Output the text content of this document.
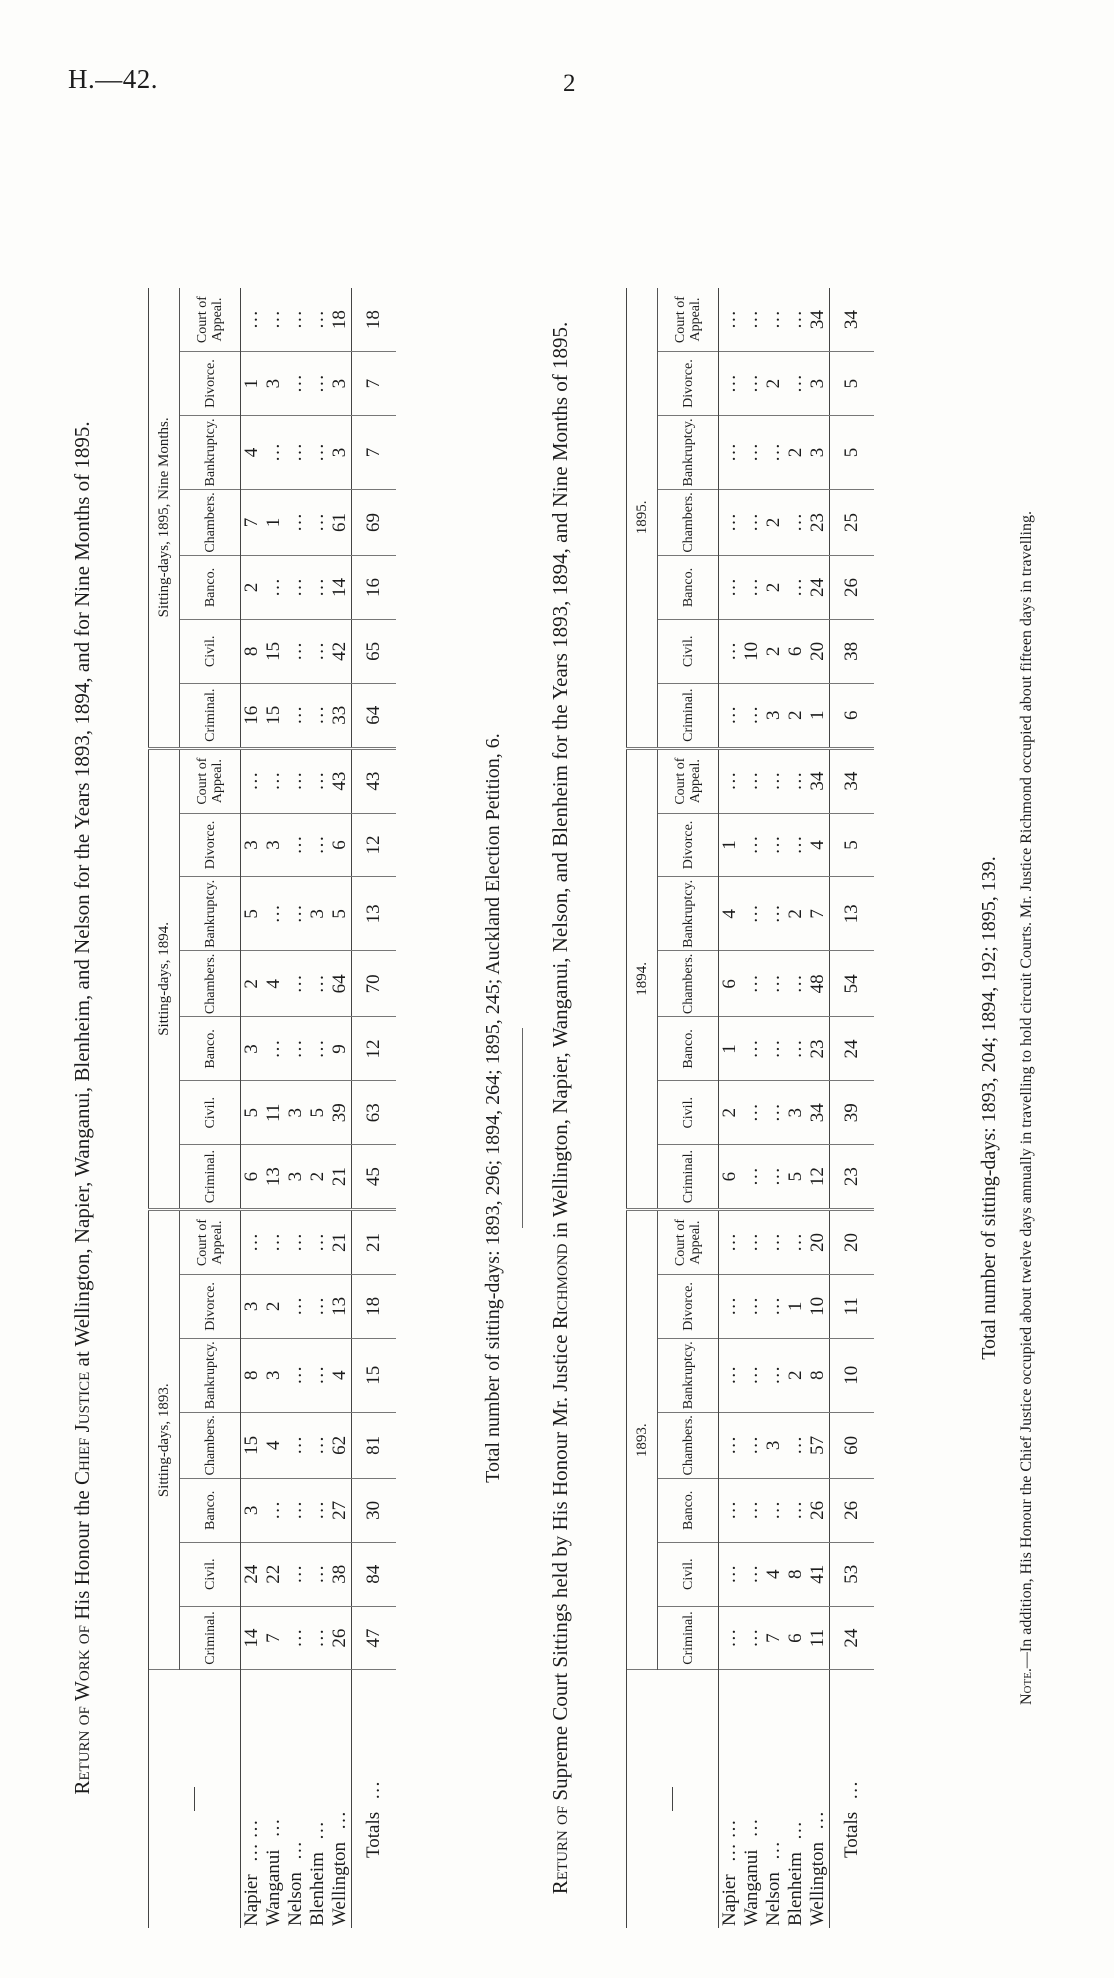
H.—42.	2
Return of Work of His Honour the Chief Justice at Wellington, Napier, Wanganui, Blenheim, and Nelson for the Years 1893, 1894, and for Nine Months of 1895.
	Sitting-days, 1893.							Sitting-days, 1894.							Sitting-days, 1895, Nine Months.						
	Criminal.	Civil.	Banco.	Chambers.	Bankruptcy.	Divorce.	Court of Appeal.	Criminal.	Civil.	Banco.	Chambers.	Bankruptcy.	Divorce.	Court of Appeal.	Criminal.	Civil.	Banco.	Chambers.	Bankruptcy.	Divorce.	Court of Appeal.
Napier… …	14	24	3	15	8	3	…	6	5	3	2	5	3	…	16	8	2	7	4	1	…
Wanganui…	7	22	…	4	3	2	…	13	11	…	4	…	3	…	15	15	…	1	…	3	…
Nelson…	…	…	…	…	…	…	…	3	3	…	…	…	…	…	…	…	…	…	…	…	…
Blenheim…	…	…	…	…	…	…	…	2	5	…	…	3	…	…	…	…	…	…	…	…	…
Wellington…	26	38	27	62	4	13	21	21	39	9	64	5	6	43	33	42	14	61	3	3	18
Totals…	47	84	30	81	15	18	21	45	63	12	70	13	12	43	64	65	16	69	7	7	18
Total number of sitting-days: 1893, 296; 1894, 264; 1895, 245; Auckland Election Petition, 6.
Return of Supreme Court Sittings held by His Honour Mr. Justice Richmond in Wellington, Napier, Wanganui, Nelson, and Blenheim for the Years 1893, 1894, and Nine Months of 1895.
	1893.							1894.							1895.						
	Criminal.	Civil.	Banco.	Chambers.	Bankruptcy.	Divorce.	Court of Appeal.	Criminal.	Civil.	Banco.	Chambers.	Bankruptcy.	Divorce.	Court of Appeal.	Criminal.	Civil.	Banco.	Chambers.	Bankruptcy.	Divorce.	Court of Appeal.
Napier… …	…	…	…	…	…	…	…	6	2	1	6	4	1	…	…	…	…	…	…	…	…
Wanganui…	…	…	…	…	…	…	…	…	…	…	…	…	…	…	…	10	…	…	…	…	…
Nelson…	7	4	…	3	…	…	…	…	…	…	…	…	…	…	3	2	2	2	…	2	…
Blenheim…	6	8	…	…	2	1	…	5	3	…	…	2	…	…	2	6	…	…	2	…	…
Wellington…	11	41	26	57	8	10	20	12	34	23	48	7	4	34	1	20	24	23	3	3	34
Totals…	24	53	26	60	10	11	20	23	39	24	54	13	5	34	6	38	26	25	5	5	34
Total number of sitting-days: 1893, 204; 1894, 192; 1895, 139.
Note.—In addition, His Honour the Chief Justice occupied about twelve days annually in travelling to hold circuit Courts. Mr. Justice Richmond occupied about fifteen days in travelling.
